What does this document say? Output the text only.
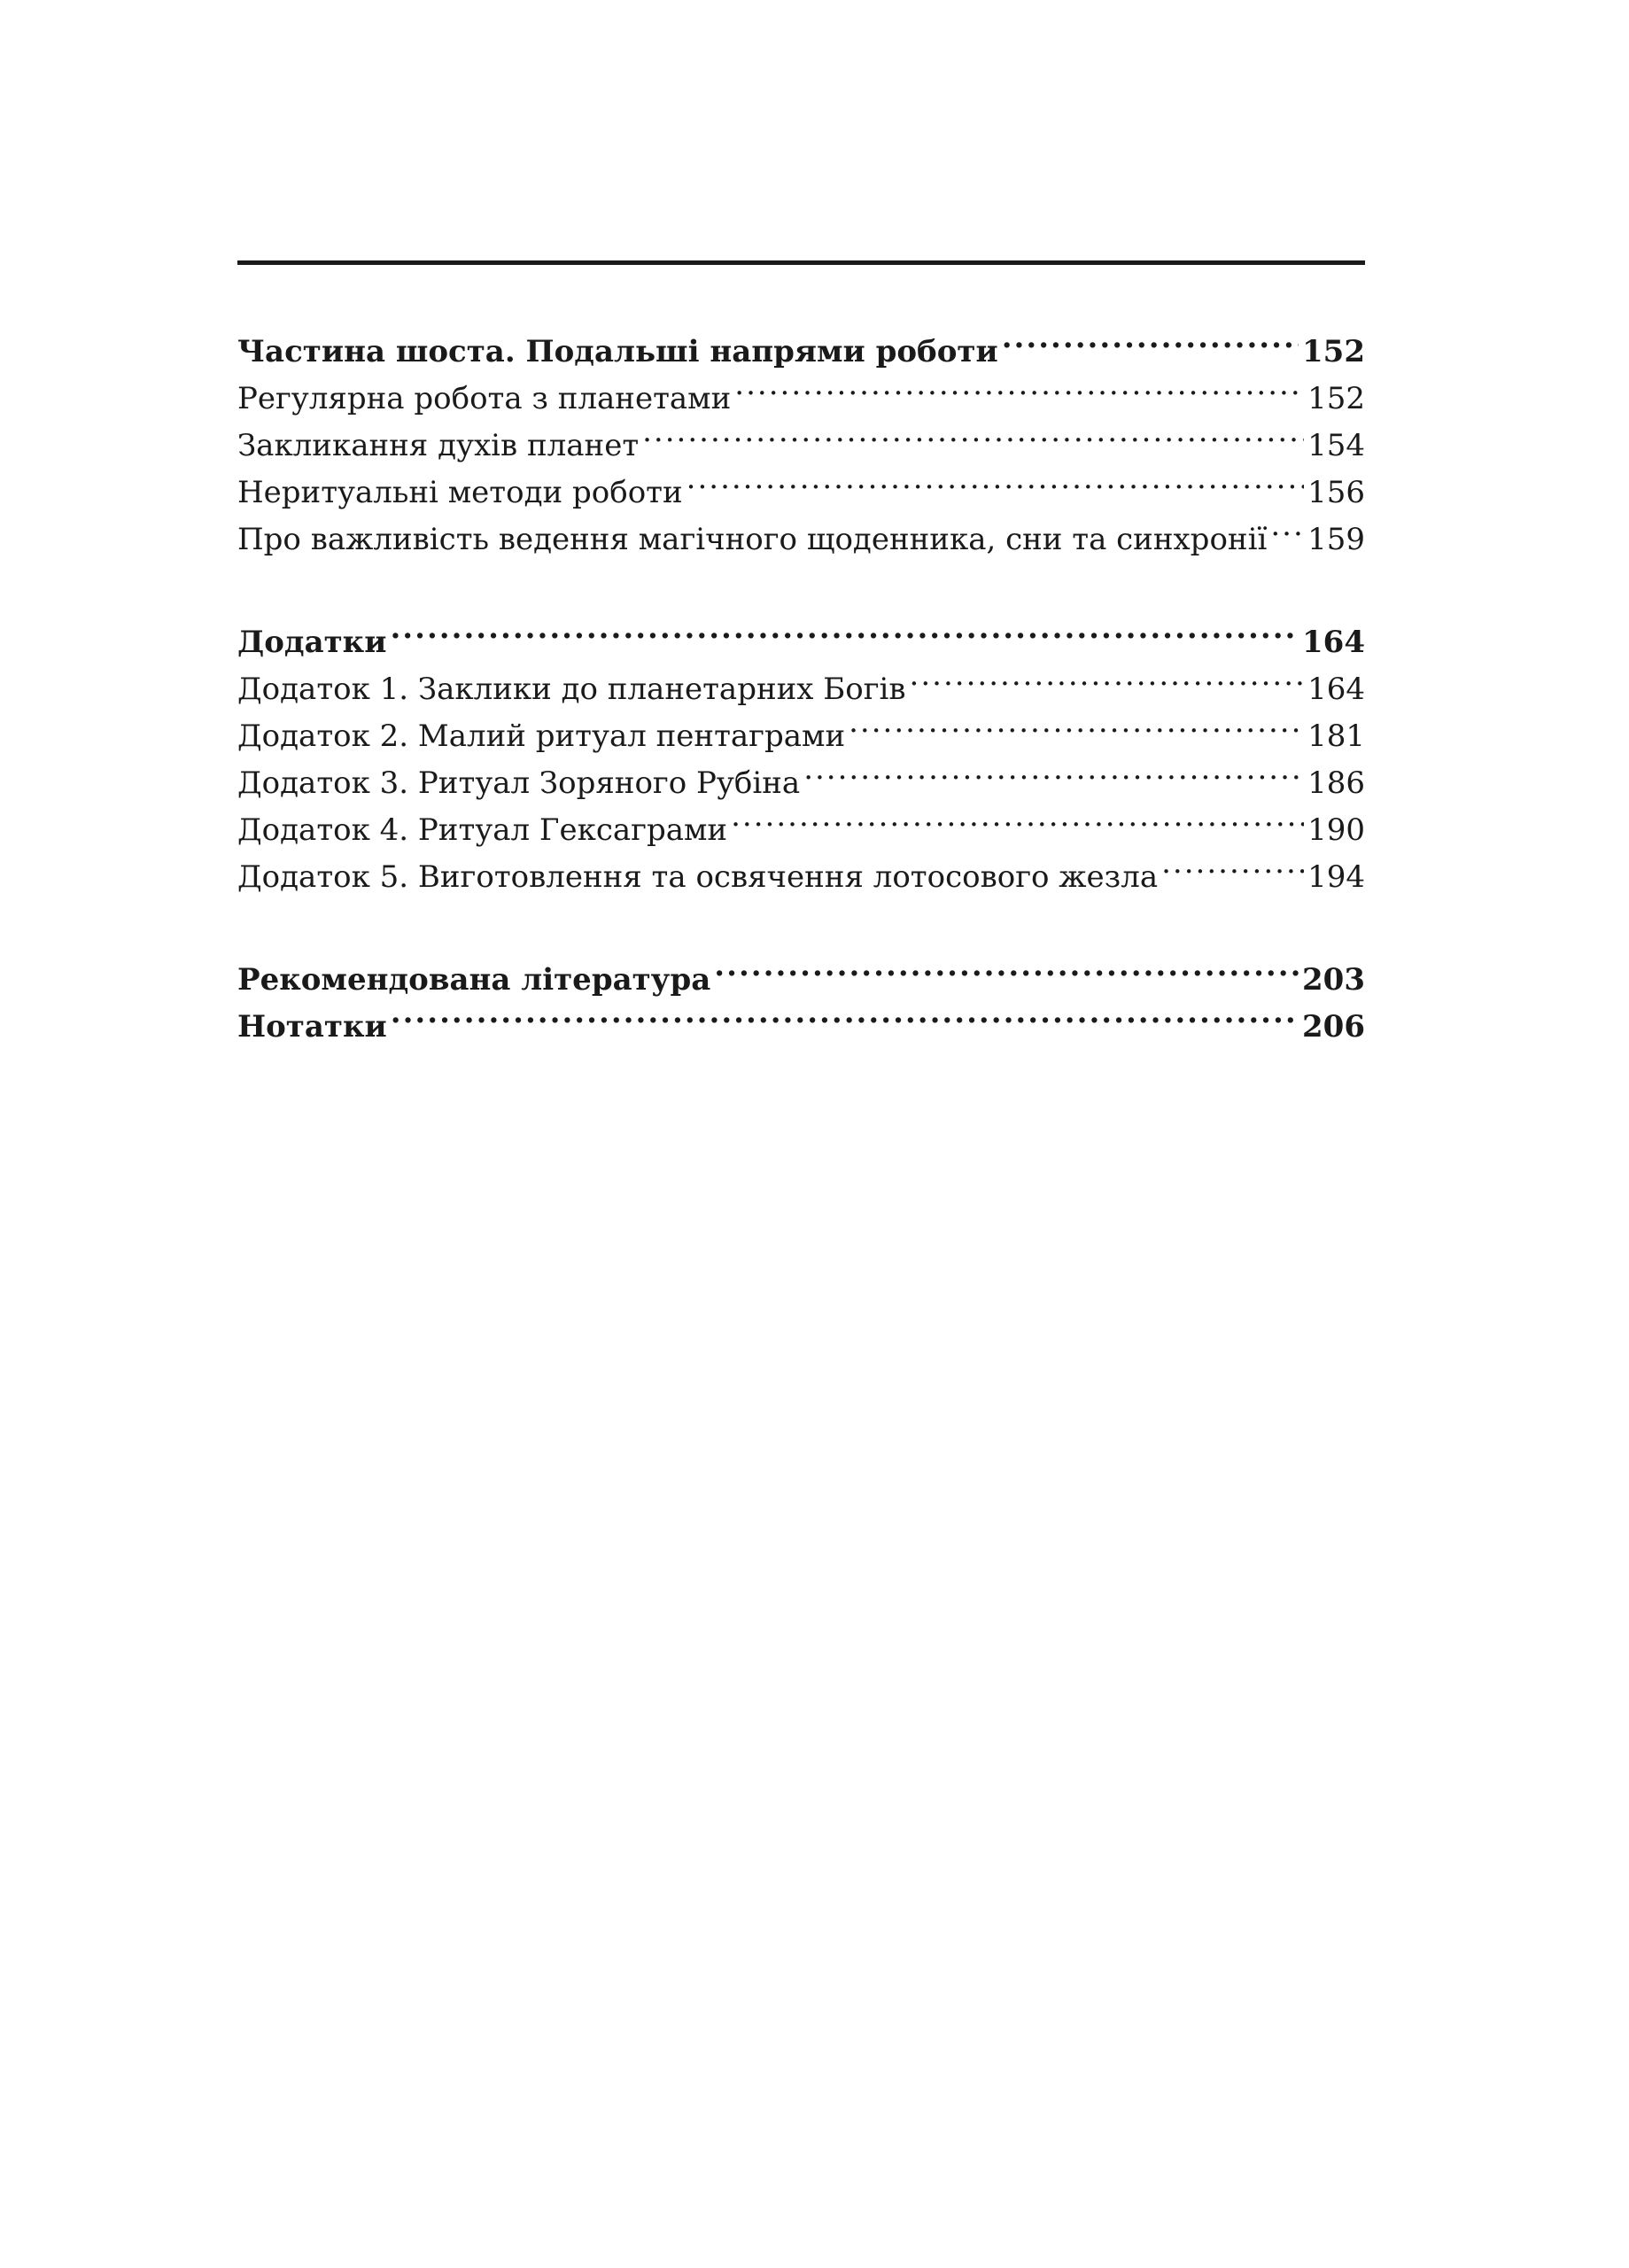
Частина шоста. Подальші напрями роботи .....	152
Регулярна робота з планетами .....	152
Закликання духів планет .....	154
Неритуальні методи роботи .....	156
Про важливість ведення магічного щоденника, сни та синхронії ..... 159
Додатки .....	164
Додаток 1. Заклики до планетарних Богів .....	164
Додаток 2. Малий ритуал пентаграми .....	181
Додаток 3. Ритуал Зоряного Рубіна .....	186
Додаток 4. Ритуал Гексаграми .....	190
Додаток 5. Виготовлення та освячення лотосового жезла .....	194
Рекомендована література .....	203
Нотатки .....	206
